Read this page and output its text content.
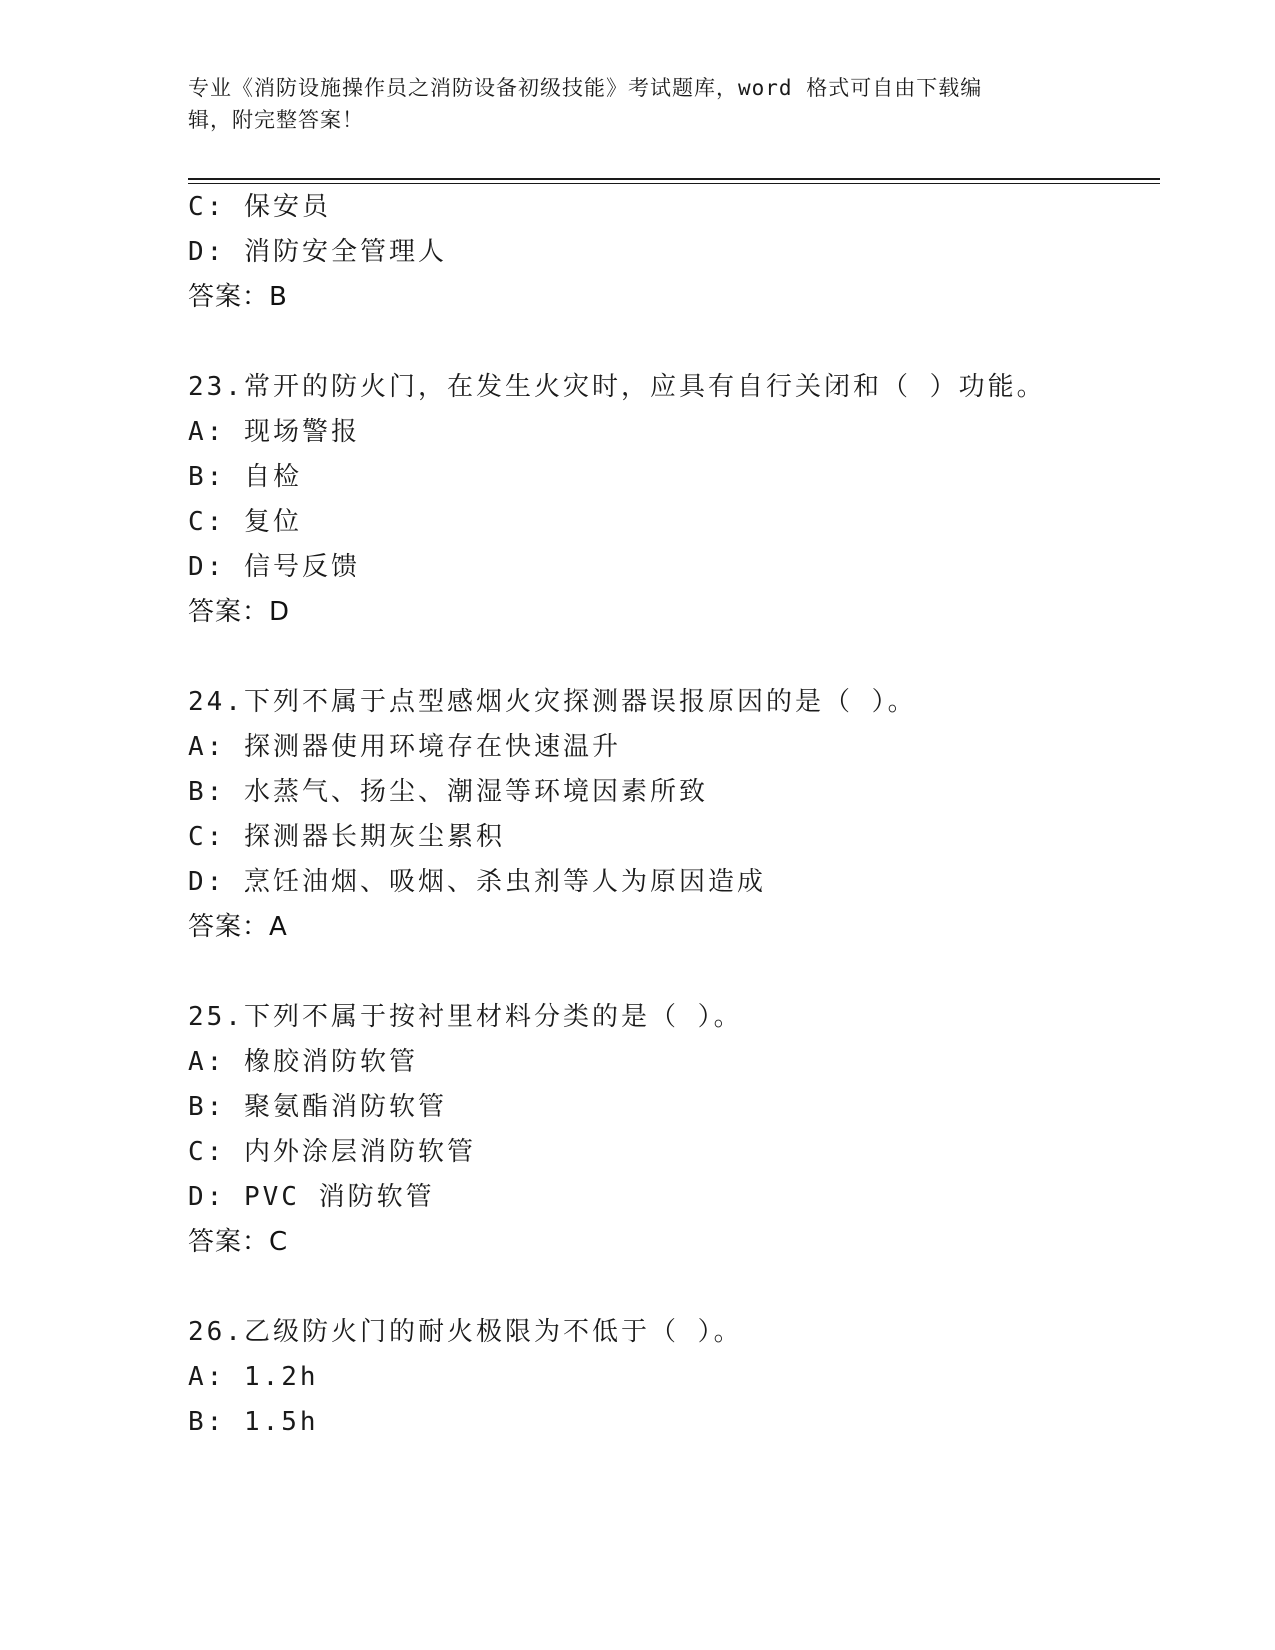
专业《消防设施操作员之消防设备初级技能》考试题库，word 格式可自由下载编
辑，附完整答案！
C: 保安员
D: 消防安全管理人
答案：B
23.常开的防火门，在发生火灾时，应具有自行关闭和（ ）功能。
A: 现场警报
B: 自检
C: 复位
D: 信号反馈
答案：D
24.下列不属于点型感烟火灾探测器误报原因的是（ ）。
A: 探测器使用环境存在快速温升
B: 水蒸气、扬尘、潮湿等环境因素所致
C: 探测器长期灰尘累积
D: 烹饪油烟、吸烟、杀虫剂等人为原因造成
答案：A
25.下列不属于按衬里材料分类的是（ ）。
A: 橡胶消防软管
B: 聚氨酯消防软管
C: 内外涂层消防软管
D: PVC 消防软管
答案：C
26.乙级防火门的耐火极限为不低于（ ）。
A: 1.2h
B: 1.5h
